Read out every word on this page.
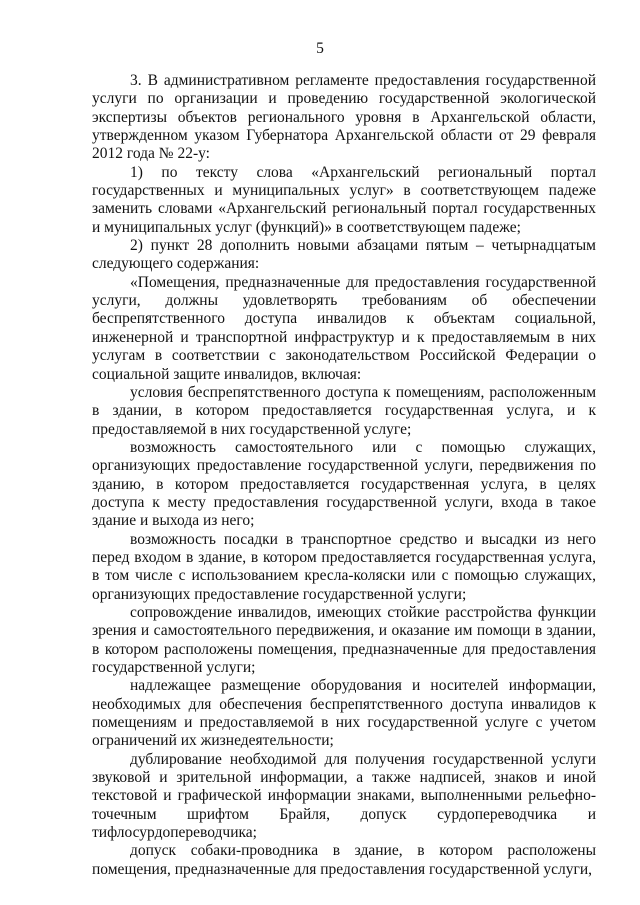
5

3. В административном регламенте предоставления государственной услуги по организации и проведению государственной экологической экспертизы объектов регионального уровня в Архангельской области, утвержденном указом Губернатора Архангельской области от 29 февраля 2012 года № 22-у:

1) по тексту слова «Архангельский региональный портал государственных и муниципальных услуг» в соответствующем падеже заменить словами «Архангельский региональный портал государственных и муниципальных услуг (функций)» в соответствующем падеже;

2) пункт 28 дополнить новыми абзацами пятым – четырнадцатым следующего содержания:

«Помещения, предназначенные для предоставления государственной услуги, должны удовлетворять требованиям об обеспечении беспрепятственного доступа инвалидов к объектам социальной, инженерной и транспортной инфраструктур и к предоставляемым в них услугам в соответствии с законодательством Российской Федерации о социальной защите инвалидов, включая:

условия беспрепятственного доступа к помещениям, расположенным в здании, в котором предоставляется государственная услуга, и к предоставляемой в них государственной услуге;

возможность самостоятельного или с помощью служащих, организующих предоставление государственной услуги, передвижения по зданию, в котором предоставляется государственная услуга, в целях доступа к месту предоставления государственной услуги, входа в такое здание и выхода из него;

возможность посадки в транспортное средство и высадки из него перед входом в здание, в котором предоставляется государственная услуга, в том числе с использованием кресла-коляски или с помощью служащих, организующих предоставление государственной услуги;

сопровождение инвалидов, имеющих стойкие расстройства функции зрения и самостоятельного передвижения, и оказание им помощи в здании, в котором расположены помещения, предназначенные для предоставления государственной услуги;

надлежащее размещение оборудования и носителей информации, необходимых для обеспечения беспрепятственного доступа инвалидов к помещениям и предоставляемой в них государственной услуге с учетом ограничений их жизнедеятельности;

дублирование необходимой для получения государственной услуги звуковой и зрительной информации, а также надписей, знаков и иной текстовой и графической информации знаками, выполненными рельефно-точечным шрифтом Брайля, допуск сурдопереводчика и тифлосурдопереводчика;

допуск собаки-проводника в здание, в котором расположены помещения, предназначенные для предоставления государственной услуги,
